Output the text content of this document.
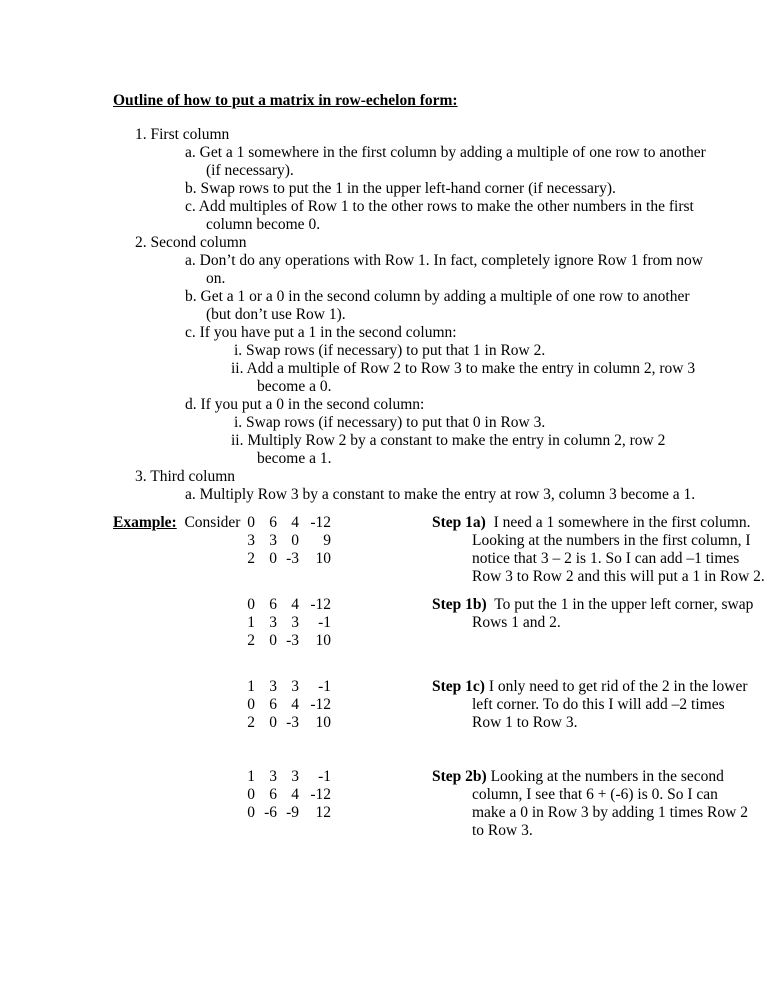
Outline of how to put a matrix in row-echelon form:
1. First column
a. Get a 1 somewhere in the first column by adding a multiple of one row to another
(if necessary).
b. Swap rows to put the 1 in the upper left-hand corner (if necessary).
c. Add multiples of Row 1 to the other rows to make the other numbers in the first
column become 0.
2. Second column
a. Don’t do any operations with Row 1. In fact, completely ignore Row 1 from now
on.
b. Get a 1 or a 0 in the second column by adding a multiple of one row to another
(but don’t use Row 1).
c. If you have put a 1 in the second column:
i. Swap rows (if necessary) to put that 1 in Row 2.
ii. Add a multiple of Row 2 to Row 3 to make the entry in column 2, row 3
become a 0.
d. If you put a 0 in the second column:
i. Swap rows (if necessary) to put that 0 in Row 3.
ii. Multiply Row 2 by a constant to make the entry in column 2, row 2
become a 1.
3. Third column
a. Multiply Row 3 by a constant to make the entry at row 3, column 3 become a 1.
Example: Consider 0 6 4 -12
3 3 0	9
2 0 -3	10
0 6 4 -12
1 3 3	-1
2 0 -3	10
1 3 3	-1
0 6 4 -12
2 0 -3	10
1 3 3	-1
0 6 4 -12
0 -6 -9	12
Step 1a) I need a 1 somewhere in the first column.
Looking at the numbers in the first column, I
notice that 3 – 2 is 1. So I can add –1 times
Row 3 to Row 2 and this will put a 1 in Row 2.
Step 1b) To put the 1 in the upper left corner, swap
Rows 1 and 2.
Step 1c) I only need to get rid of the 2 in the lower
left corner. To do this I will add –2 times
Row 1 to Row 3.
Step 2b) Looking at the numbers in the second
column, I see that 6 + (-6) is 0. So I can
make a 0 in Row 3 by adding 1 times Row 2
to Row 3.
